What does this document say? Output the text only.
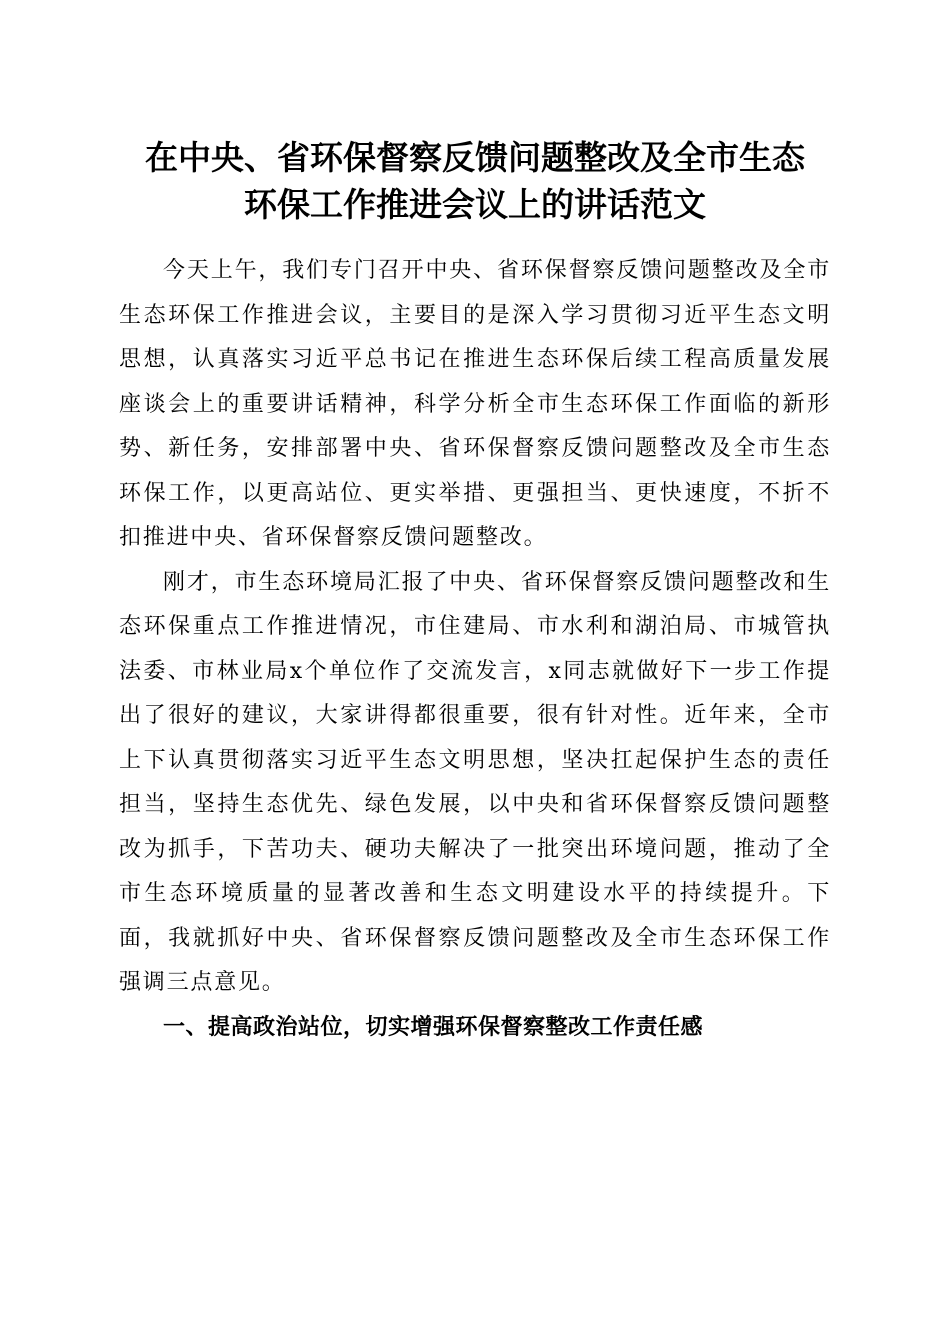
在中央、省环保督察反馈问题整改及全市生态
环保工作推进会议上的讲话范文

今天上午，我们专门召开中央、省环保督察反馈问题整改及全市生态环保工作推进会议，主要目的是深入学习贯彻习近平生态文明思想，认真落实习近平总书记在推进生态环保后续工程高质量发展座谈会上的重要讲话精神，科学分析全市生态环保工作面临的新形势、新任务，安排部署中央、省环保督察反馈问题整改及全市生态环保工作，以更高站位、更实举措、更强担当、更快速度，不折不扣推进中央、省环保督察反馈问题整改。

刚才，市生态环境局汇报了中央、省环保督察反馈问题整改和生态环保重点工作推进情况，市住建局、市水利和湖泊局、市城管执法委、市林业局x个单位作了交流发言，x同志就做好下一步工作提出了很好的建议，大家讲得都很重要，很有针对性。近年来，全市上下认真贯彻落实习近平生态文明思想，坚决扛起保护生态的责任担当，坚持生态优先、绿色发展，以中央和省环保督察反馈问题整改为抓手，下苦功夫、硬功夫解决了一批突出环境问题，推动了全市生态环境质量的显著改善和生态文明建设水平的持续提升。下面，我就抓好中央、省环保督察反馈问题整改及全市生态环保工作强调三点意见。

一、提高政治站位，切实增强环保督察整改工作责任感
